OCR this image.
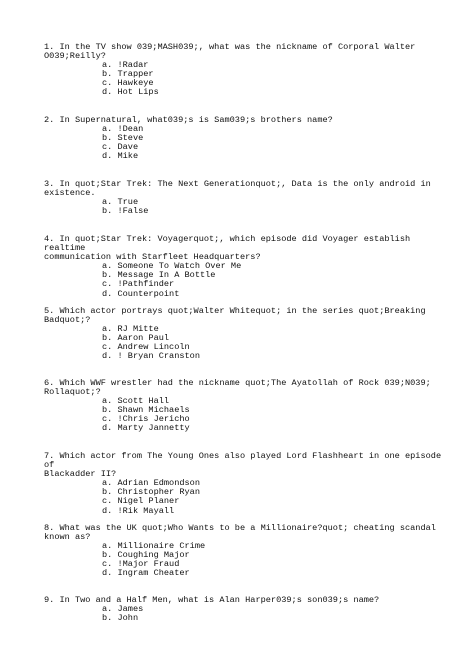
1. In the TV show 039;MASH039;, what was the nickname of Corporal Walter
O039;Reilly?
a. !Radar
b. Trapper
c. Hawkeye
d. Hot Lips
2. In Supernatural, what039;s is Sam039;s brothers name?
a. !Dean
b. Steve
c. Dave
d. Mike
3. In quot;Star Trek: The Next Generationquot;, Data is the only android in
existence.
a. True
b. !False
4. In quot;Star Trek: Voyagerquot;, which episode did Voyager establish realtime
communication with Starfleet Headquarters?
a. Someone To Watch Over Me
b. Message In A Bottle
c. !Pathfinder
d. Counterpoint
5. Which actor portrays quot;Walter Whitequot; in the series quot;Breaking
Badquot;?
a. RJ Mitte
b. Aaron Paul
c. Andrew Lincoln
d. ! Bryan Cranston
6. Which WWF wrestler had the nickname quot;The Ayatollah of Rock 039;N039;
Rollaquot;?
a. Scott Hall
b. Shawn Michaels
c. !Chris Jericho
d. Marty Jannetty
7. Which actor from The Young Ones also played Lord Flashheart in one episode of
Blackadder II?
a. Adrian Edmondson
b. Christopher Ryan
c. Nigel Planer
d. !Rik Mayall
8. What was the UK quot;Who Wants to be a Millionaire?quot; cheating scandal
known as?
a. Millionaire Crime
b. Coughing Major
c. !Major Fraud
d. Ingram Cheater
9. In Two and a Half Men, what is Alan Harper039;s son039;s name?
a. James
b. John
